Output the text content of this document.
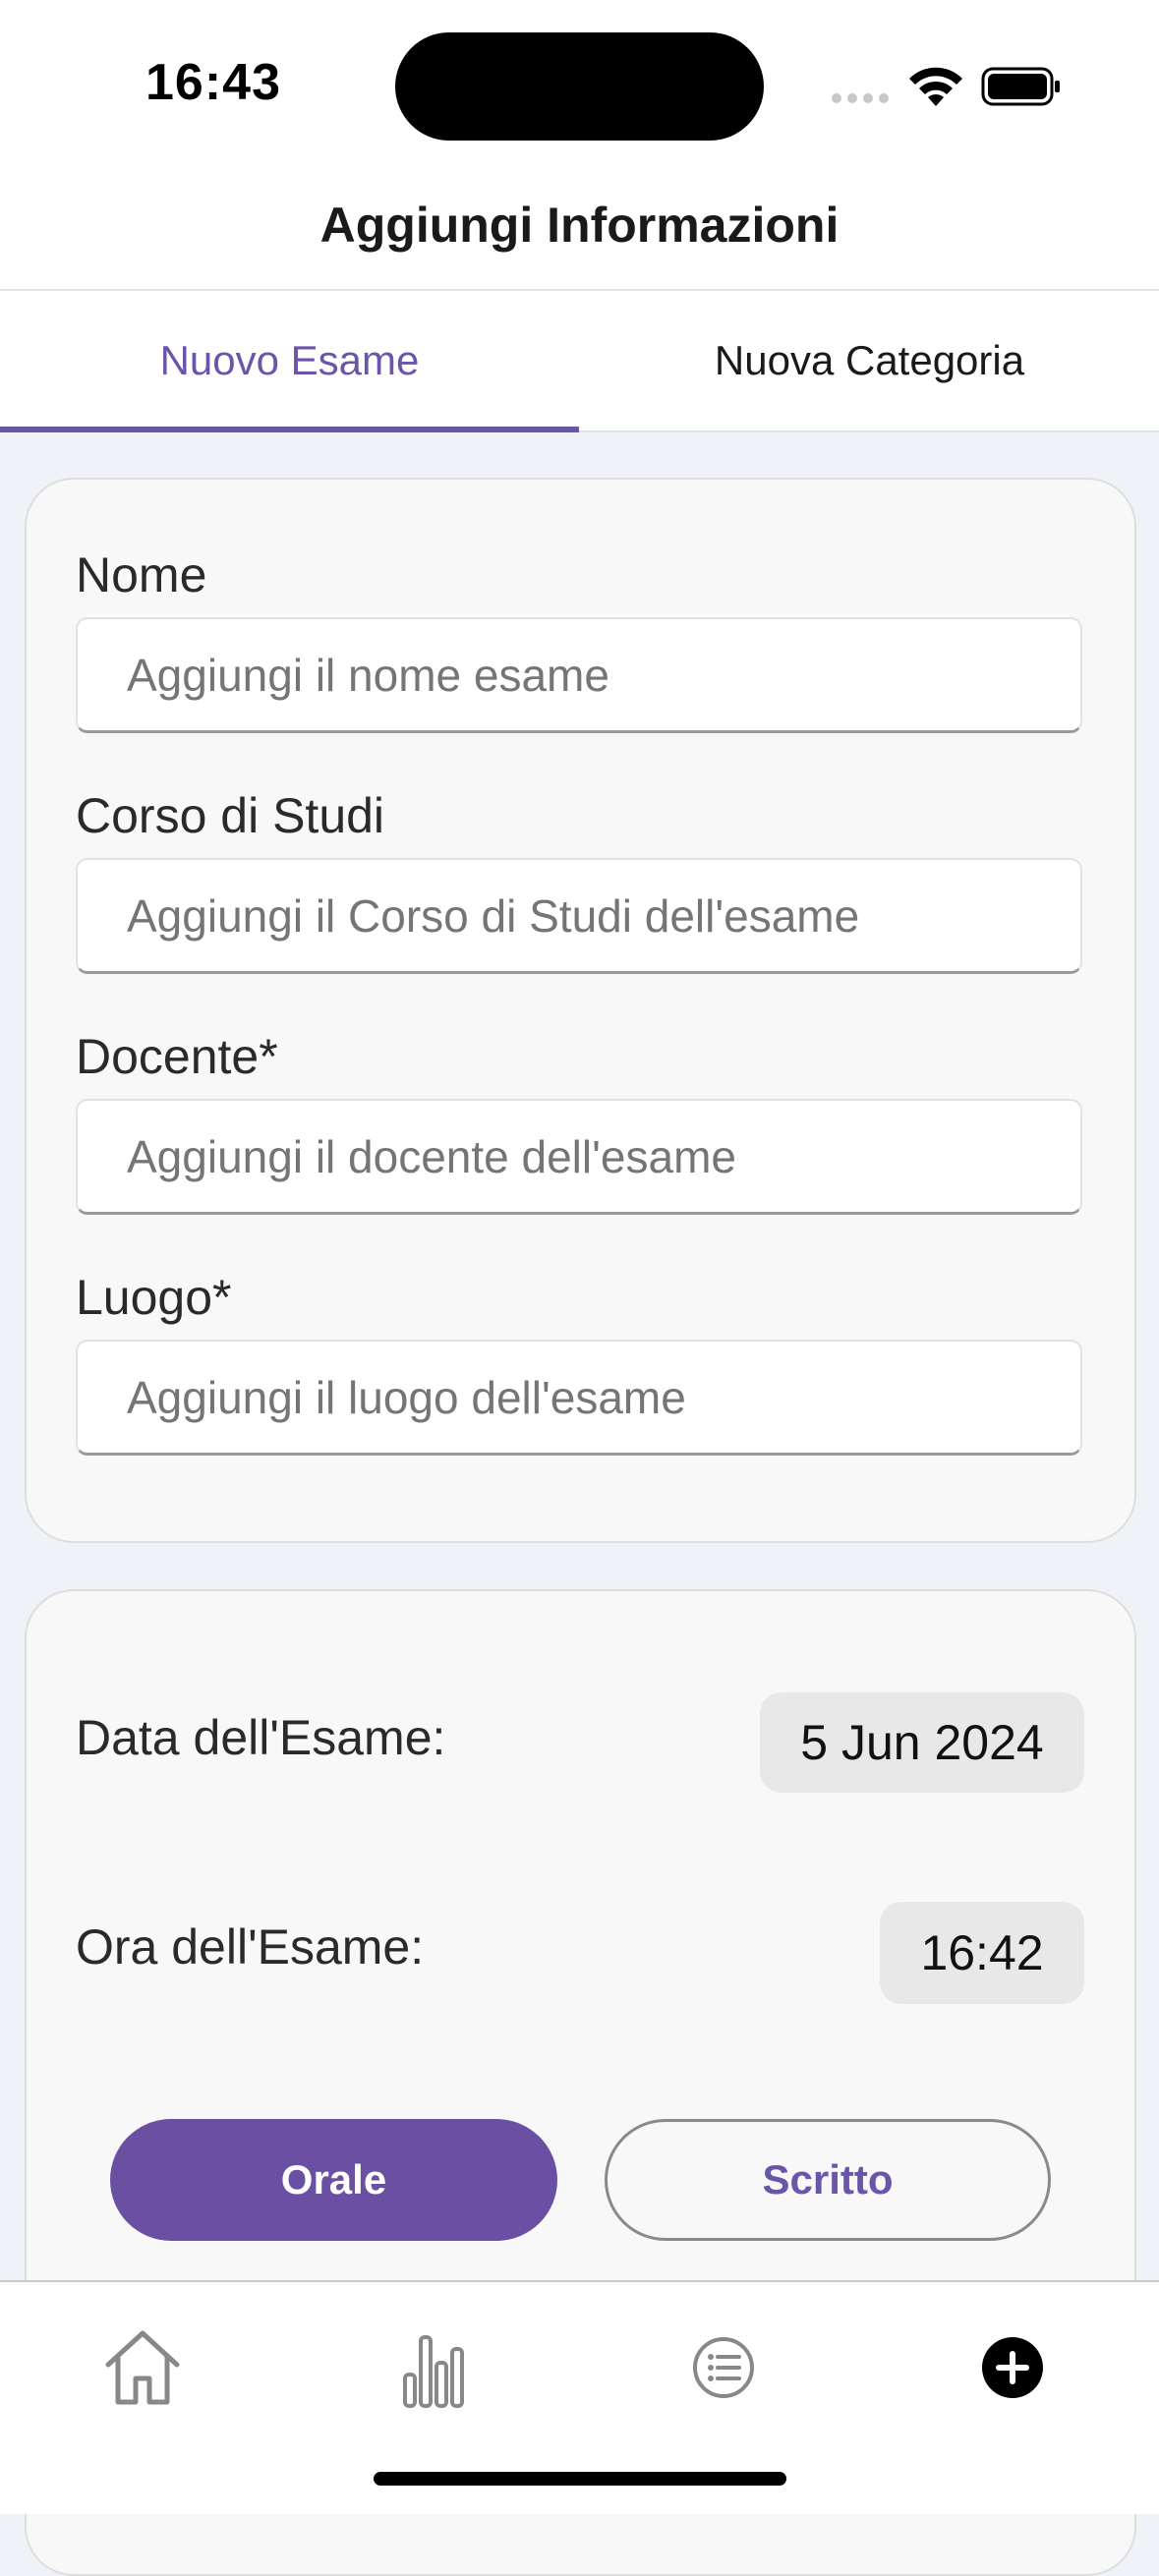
16:43
Aggiungi Informazioni
Nuovo Esame	Nuova Categoria
Nome
Aggiungi il nome esame
Corso di Studi
Aggiungi il Corso di Studi dell'esame
Docente*
Aggiungi il docente dell'esame
Luogo*
Aggiungi il luogo dell'esame
Data dell'Esame:	5 Jun 2024
Ora dell'Esame:	16:42
Orale	Scritto
